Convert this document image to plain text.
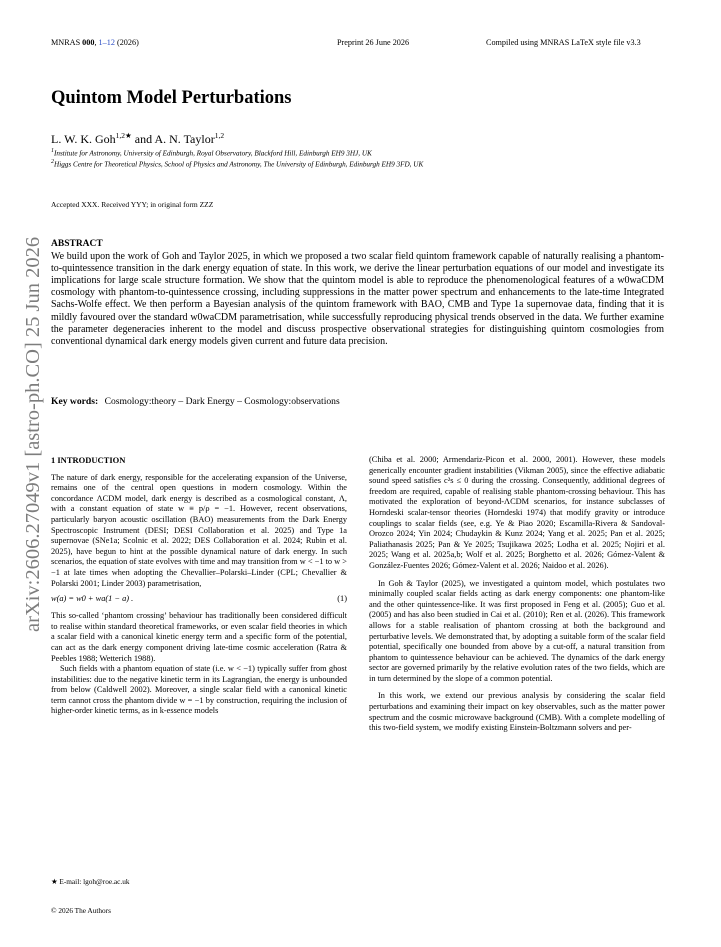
MNRAS 000, 1–12 (2026)	Preprint 26 June 2026	Compiled using MNRAS LaTeX style file v3.3
arXiv:2606.27049v1 [astro-ph.CO] 25 Jun 2026
Quintom Model Perturbations
L. W. K. Goh$^{1,2★}$ and A. N. Taylor$^{1,2}$
$^1$Institute for Astronomy, University of Edinburgh, Royal Observatory, Blackford Hill, Edinburgh EH9 3HJ, UK
$^2$Higgs Centre for Theoretical Physics, School of Physics and Astronomy, The University of Edinburgh, Edinburgh EH9 3FD, UK
Accepted XXX. Received YYY; in original form ZZZ
ABSTRACT
We build upon the work of Goh and Taylor 2025, in which we proposed a two scalar field quintom framework capable of naturally realising a phantom-to-quintessence transition in the dark energy equation of state. In this work, we derive the linear perturbation equations of our model and investigate its implications for large scale structure formation. We show that the quintom model is able to reproduce the phenomenological features of a w0waCDM cosmology with phantom-to-quintessence crossing, including suppressions in the matter power spectrum and enhancements to the late-time Integrated Sachs-Wolfe effect. We then perform a Bayesian analysis of the quintom framework with BAO, CMB and Type 1a supernovae data, finding that it is mildly favoured over the standard w0waCDM parametrisation, while successfully reproducing physical trends observed in the data. We further examine the parameter degeneracies inherent to the model and discuss prospective observational strategies for distinguishing quintom cosmologies from conventional dynamical dark energy models given current and future data precision.
Key words: Cosmology:theory – Dark Energy – Cosmology:observations

1 INTRODUCTION

The nature of dark energy, responsible for the accelerating expansion of the Universe, remains one of the central open questions in modern cosmology. Within the concordance ΛCDM model, dark energy is described as a cosmological constant, Λ, with a constant equation of state w ≡ p/ρ = −1. However, recent observations, particularly baryon acoustic oscillation (BAO) measurements from the Dark Energy Spectroscopic Instrument (DESI; DESI Collaboration et al. 2025) and Type 1a supernovae (SNe1a; Scolnic et al. 2022; DES Collaboration et al. 2024; Rubin et al. 2025), have begun to hint at the possible dynamical nature of dark energy. In such scenarios, the equation of state evolves with time and may transition from w < −1 to w > −1 at late times when adopting the Chevallier–Polarski–Linder (CPL; Chevallier & Polarski 2001; Linder 2003) parametrisation,

w(a) = w0 + wa(1 − a) .	(1)

This so-called ‘phantom crossing’ behaviour has traditionally been considered difficult to realise within standard theoretical frameworks, or even scalar field theories in which a scalar field with a canonical kinetic energy term and a specific form of the potential, can act as the dark energy component driving late-time cosmic acceleration (Ratra & Peebles 1988; Wetterich 1988).

Such fields with a phantom equation of state (i.e. w < −1) typically suffer from ghost instabilities: due to the negative kinetic term in its Lagrangian, the energy is unbounded from below (Caldwell 2002). Moreover, a single scalar field with a canonical kinetic term cannot cross the phantom divide w = −1 by construction, requiring the inclusion of higher-order kinetic terms, as in k-essence models

(Chiba et al. 2000; Armendariz-Picon et al. 2000, 2001). However, these models generically encounter gradient instabilities (Vikman 2005), since the effective adiabatic sound speed satisfies c²s ≤ 0 during the crossing. Consequently, additional degrees of freedom are required, capable of realising stable phantom-crossing behaviour. This has motivated the exploration of beyond-ΛCDM scenarios, for instance subclasses of Horndeski scalar-tensor theories (Horndeski 1974) that modify gravity or introduce couplings to scalar fields (see, e.g. Ye & Piao 2020; Escamilla-Rivera & Sandoval-Orozco 2024; Yin 2024; Chudaykin & Kunz 2024; Yang et al. 2025; Pan et al. 2025; Paliathanasis 2025; Pan & Ye 2025; Tsujikawa 2025; Lodha et al. 2025; Nojiri et al. 2025; Wang et al. 2025a,b; Wolf et al. 2025; Borghetto et al. 2026; Gómez-Valent & González-Fuentes 2026; Gómez-Valent et al. 2026; Naidoo et al. 2026).

In Goh & Taylor (2025), we investigated a quintom model, which postulates two minimally coupled scalar fields acting as dark energy components: one phantom-like and the other quintessence-like. It was first proposed in Feng et al. (2005); Guo et al. (2005) and has also been studied in Cai et al. (2010); Ren et al. (2026). This framework allows for a stable realisation of phantom crossing at both the background and perturbative levels. We demonstrated that, by adopting a suitable form of the scalar field potential, specifically one bounded from above by a cut-off, a natural transition from phantom to quintessence behaviour can be achieved. The dynamics of the dark energy sector are governed primarily by the relative evolution rates of the two fields, which are in turn determined by the slope of a common potential.

In this work, we extend our previous analysis by considering the scalar field perturbations and examining their impact on key observables, such as the matter power spectrum and the cosmic microwave background (CMB). With a complete modelling of this two-field system, we modify existing Einstein-Boltzmann solvers and per-

★ E-mail: lgoh@roe.ac.uk
© 2026 The Authors
